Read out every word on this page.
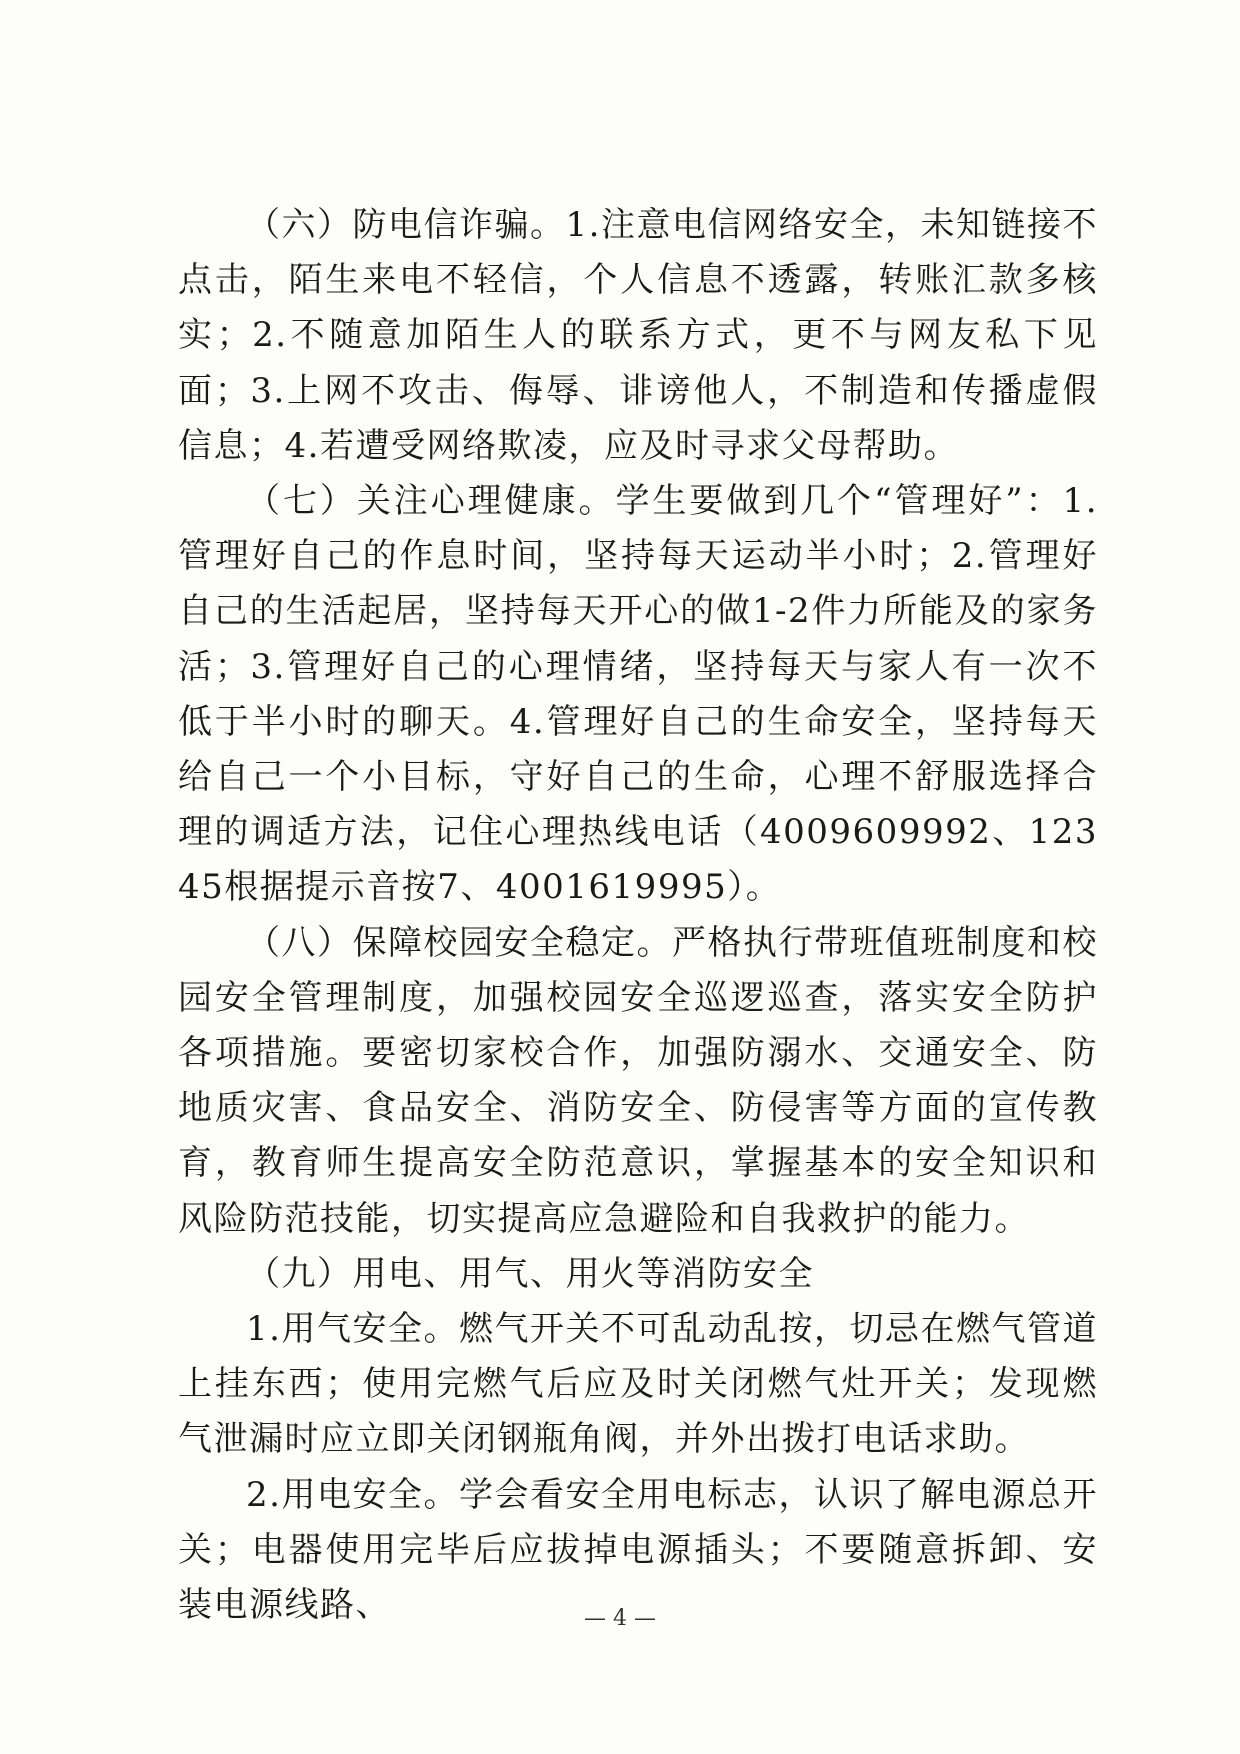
（六）防电信诈骗。1.注意电信网络安全，未知链接不点击，陌生来电不轻信，个人信息不透露，转账汇款多核实；2.不随意加陌生人的联系方式，更不与网友私下见面；3.上网不攻击、侮辱、诽谤他人，不制造和传播虚假信息；4.若遭受网络欺凌，应及时寻求父母帮助。

（七）关注心理健康。学生要做到几个“管理好”：1.管理好自己的作息时间，坚持每天运动半小时；2.管理好自己的生活起居，坚持每天开心的做1-2件力所能及的家务活；3.管理好自己的心理情绪，坚持每天与家人有一次不低于半小时的聊天。4.管理好自己的生命安全，坚持每天给自己一个小目标，守好自己的生命，心理不舒服选择合理的调适方法，记住心理热线电话（4009609992、12345根据提示音按7、4001619995）。

（八）保障校园安全稳定。严格执行带班值班制度和校园安全管理制度，加强校园安全巡逻巡查，落实安全防护各项措施。要密切家校合作，加强防溺水、交通安全、防地质灾害、食品安全、消防安全、防侵害等方面的宣传教育，教育师生提高安全防范意识，掌握基本的安全知识和风险防范技能，切实提高应急避险和自我救护的能力。

（九）用电、用气、用火等消防安全

1.用气安全。燃气开关不可乱动乱按，切忌在燃气管道上挂东西；使用完燃气后应及时关闭燃气灶开关；发现燃气泄漏时应立即关闭钢瓶角阀，并外出拨打电话求助。

2.用电安全。学会看安全用电标志，认识了解电源总开关；电器使用完毕后应拔掉电源插头；不要随意拆卸、安装电源线路、	— 4 —
